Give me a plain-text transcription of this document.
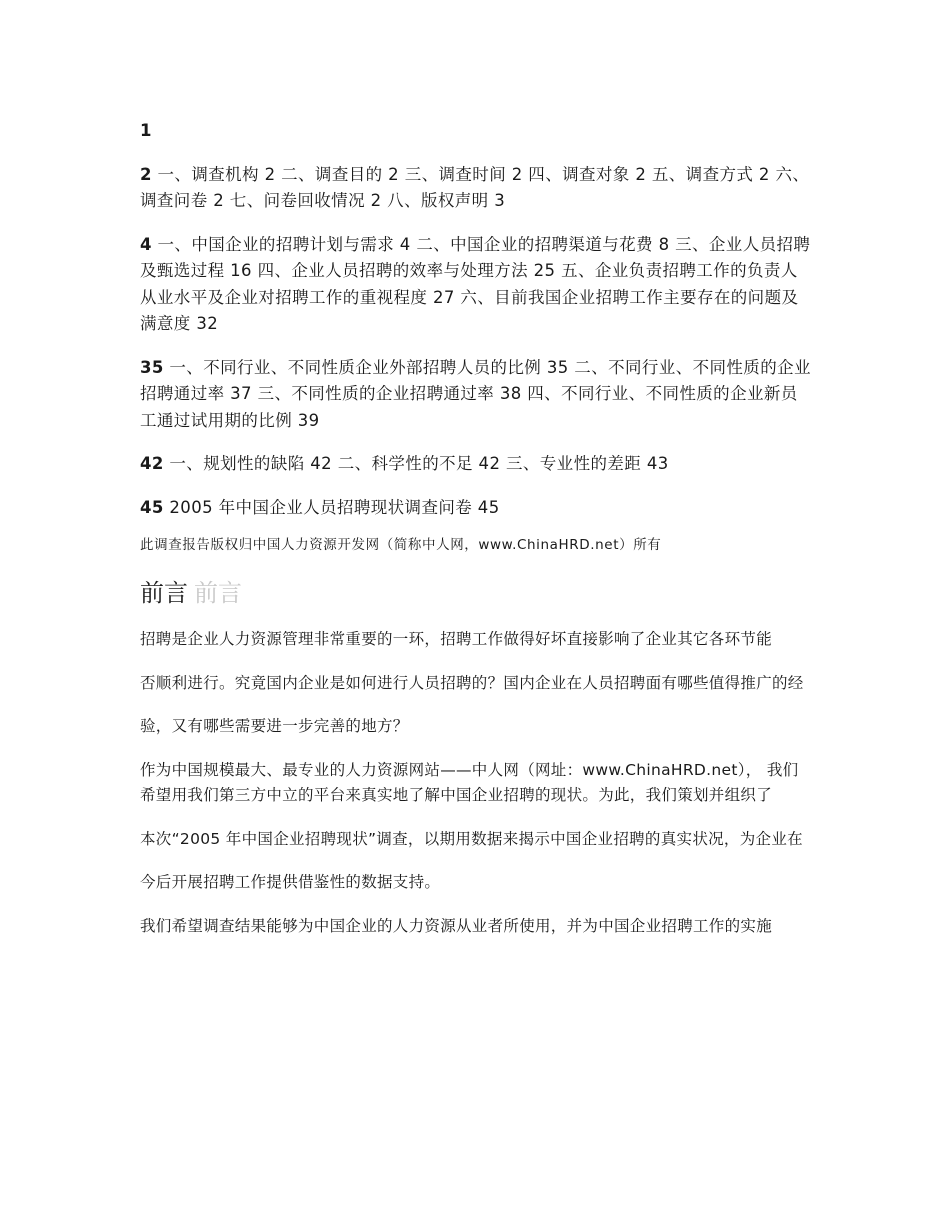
1
2 一、调查机构 2 二、调查目的 2 三、调查时间 2 四、调查对象 2 五、调查方式 2 六、调查问卷 2 七、问卷回收情况 2 八、版权声明 3
4 一、中国企业的招聘计划与需求 4 二、中国企业的招聘渠道与花费 8 三、企业人员招聘及甄选过程 16 四、企业人员招聘的效率与处理方法 25 五、企业负责招聘工作的负责人从业水平及企业对招聘工作的重视程度 27 六、目前我国企业招聘工作主要存在的问题及满意度 32
35 一、不同行业、不同性质企业外部招聘人员的比例 35 二、不同行业、不同性质的企业招聘通过率 37 三、不同性质的企业招聘通过率 38 四、不同行业、不同性质的企业新员工通过试用期的比例 39
42 一、规划性的缺陷 42 二、科学性的不足 42 三、专业性的差距 43
45 2005 年中国企业人员招聘现状调查问卷 45
此调查报告版权归中国人力资源开发网（简称中人网，www.ChinaHRD.net）所有
前言 前言

招聘是企业人力资源管理非常重要的一环，招聘工作做得好坏直接影响了企业其它各环节能

否顺利进行。究竟国内企业是如何进行人员招聘的？国内企业在人员招聘面有哪些值得推广的经

验，又有哪些需要进一步完善的地方？

作为中国规模最大、最专业的人力资源网站——中人网（网址：www.ChinaHRD.net）， 我们希望用我们第三方中立的平台来真实地了解中国企业招聘的现状。为此，我们策划并组织了

本次“2005 年中国企业招聘现状”调查，以期用数据来揭示中国企业招聘的真实状况，为企业在

今后开展招聘工作提供借鉴性的数据支持。

我们希望调查结果能够为中国企业的人力资源从业者所使用，并为中国企业招聘工作的实施
